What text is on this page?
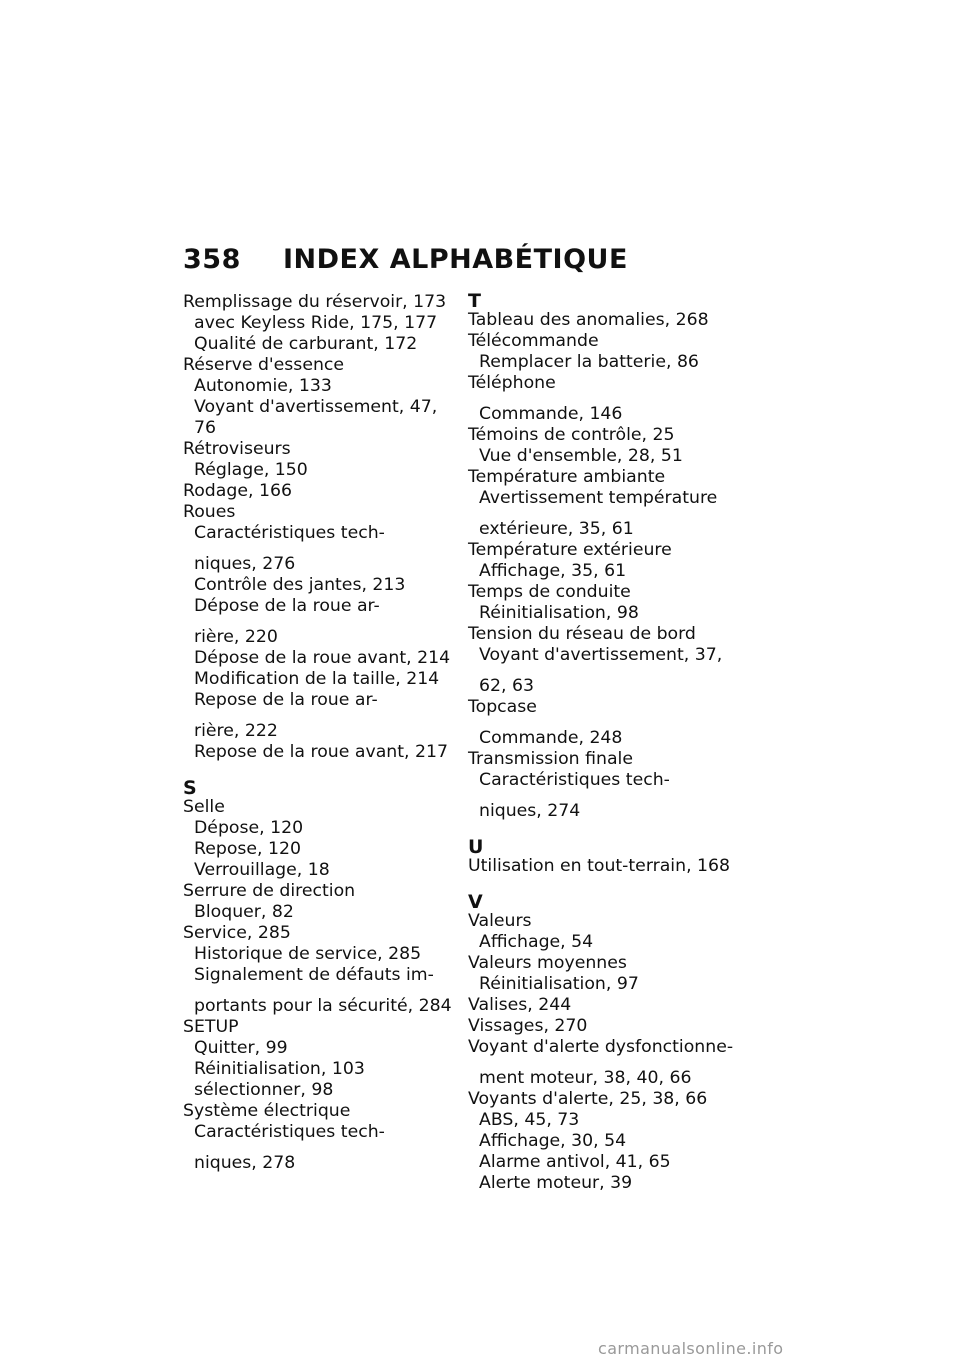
358 INDEX ALPHABÉTIQUE
Remplissage du réservoir, 173
avec Keyless Ride, 175, 177
Qualité de carburant, 172
Réserve d'essence
Autonomie, 133
Voyant d'avertissement, 47,
76
Rétroviseurs
Réglage, 150
Rodage, 166
Roues
Caractéristiques tech-
niques, 276
Contrôle des jantes, 213
Dépose de la roue ar-
rière, 220
Dépose de la roue avant, 214
Modification de la taille, 214
Repose de la roue ar-
rière, 222
Repose de la roue avant, 217
S
Selle
Dépose, 120
Repose, 120
Verrouillage, 18
Serrure de direction
Bloquer, 82
Service, 285
Historique de service, 285
Signalement de défauts im-
portants pour la sécurité, 284
SETUP
Quitter, 99
Réinitialisation, 103
sélectionner, 98
Système électrique
Caractéristiques tech-
niques, 278
T
Tableau des anomalies, 268
Télécommande
Remplacer la batterie, 86
Téléphone
Commande, 146
Témoins de contrôle, 25
Vue d'ensemble, 28, 51
Température ambiante
Avertissement température
extérieure, 35, 61
Température extérieure
Affichage, 35, 61
Temps de conduite
Réinitialisation, 98
Tension du réseau de bord
Voyant d'avertissement, 37,
62, 63
Topcase
Commande, 248
Transmission finale
Caractéristiques tech-
niques, 274
U
Utilisation en tout-terrain, 168
V
Valeurs
Affichage, 54
Valeurs moyennes
Réinitialisation, 97
Valises, 244
Vissages, 270
Voyant d'alerte dysfonctionne-
ment moteur, 38, 40, 66
Voyants d'alerte, 25, 38, 66
ABS, 45, 73
Affichage, 30, 54
Alarme antivol, 41, 65
Alerte moteur, 39
carmanualsonline.info
